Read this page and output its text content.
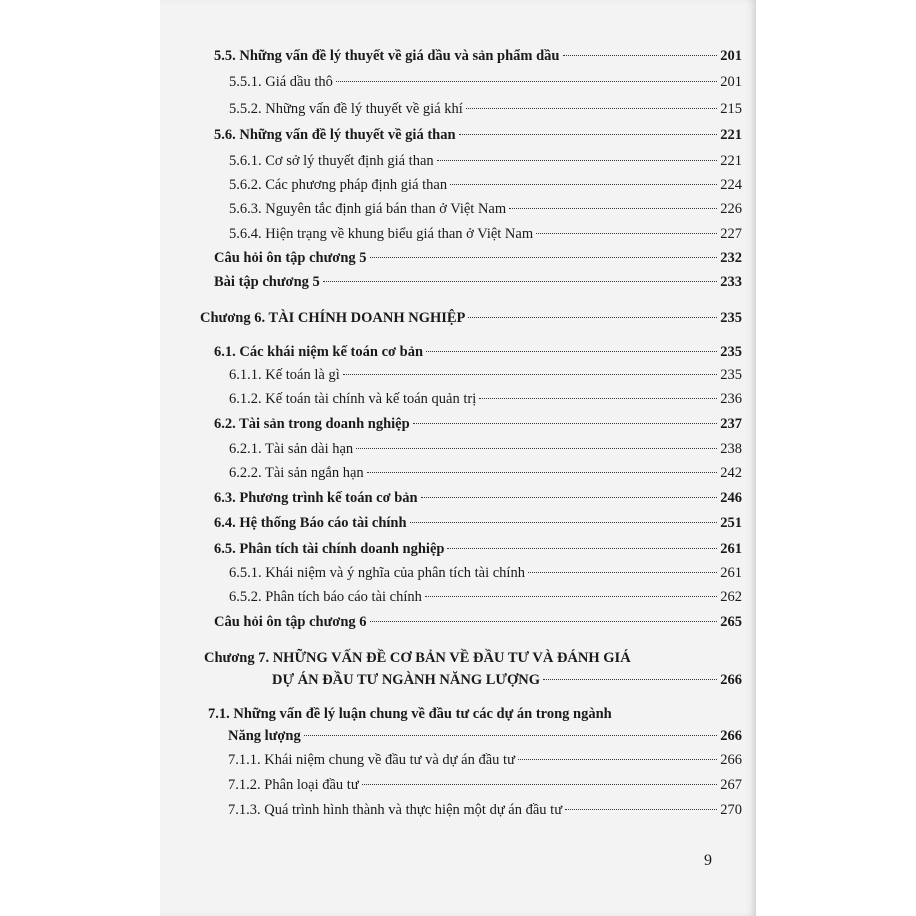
5.5. Những vấn đề lý thuyết về giá dầu và sản phẩm dầu	201
5.5.1. Giá dầu thô	201
5.5.2. Những vấn đề lý thuyết về giá khí	215
5.6. Những vấn đề lý thuyết về giá than	221
5.6.1. Cơ sở lý thuyết định giá than	221
5.6.2. Các phương pháp định giá than	224
5.6.3. Nguyên tắc định giá bán than ở Việt Nam	226
5.6.4. Hiện trạng về khung biểu giá than ở Việt Nam	227
Câu hỏi ôn tập chương 5	232
Bài tập chương 5	233
Chương 6. TÀI CHÍNH DOANH NGHIỆP	235
6.1. Các khái niệm kế toán cơ bản	235
6.1.1. Kế toán là gì	235
6.1.2. Kế toán tài chính và kế toán quản trị	236
6.2. Tài sản trong doanh nghiệp	237
6.2.1. Tài sản dài hạn	238
6.2.2. Tài sản ngắn hạn	242
6.3. Phương trình kế toán cơ bản	246
6.4. Hệ thống Báo cáo tài chính	251
6.5. Phân tích tài chính doanh nghiệp	261
6.5.1. Khái niệm và ý nghĩa của phân tích tài chính	261
6.5.2. Phân tích báo cáo tài chính	262
Câu hỏi ôn tập chương 6	265
Chương 7. NHỮNG VẤN ĐỀ CƠ BẢN VỀ ĐẦU TƯ VÀ ĐÁNH GIÁ
DỰ ÁN ĐẦU TƯ NGÀNH NĂNG LƯỢNG	266
7.1. Những vấn đề lý luận chung về đầu tư các dự án trong ngành
Năng lượng	266
7.1.1. Khái niệm chung về đầu tư và dự án đầu tư	266
7.1.2. Phân loại đầu tư	267
7.1.3. Quá trình hình thành và thực hiện một dự án đầu tư	270
9
